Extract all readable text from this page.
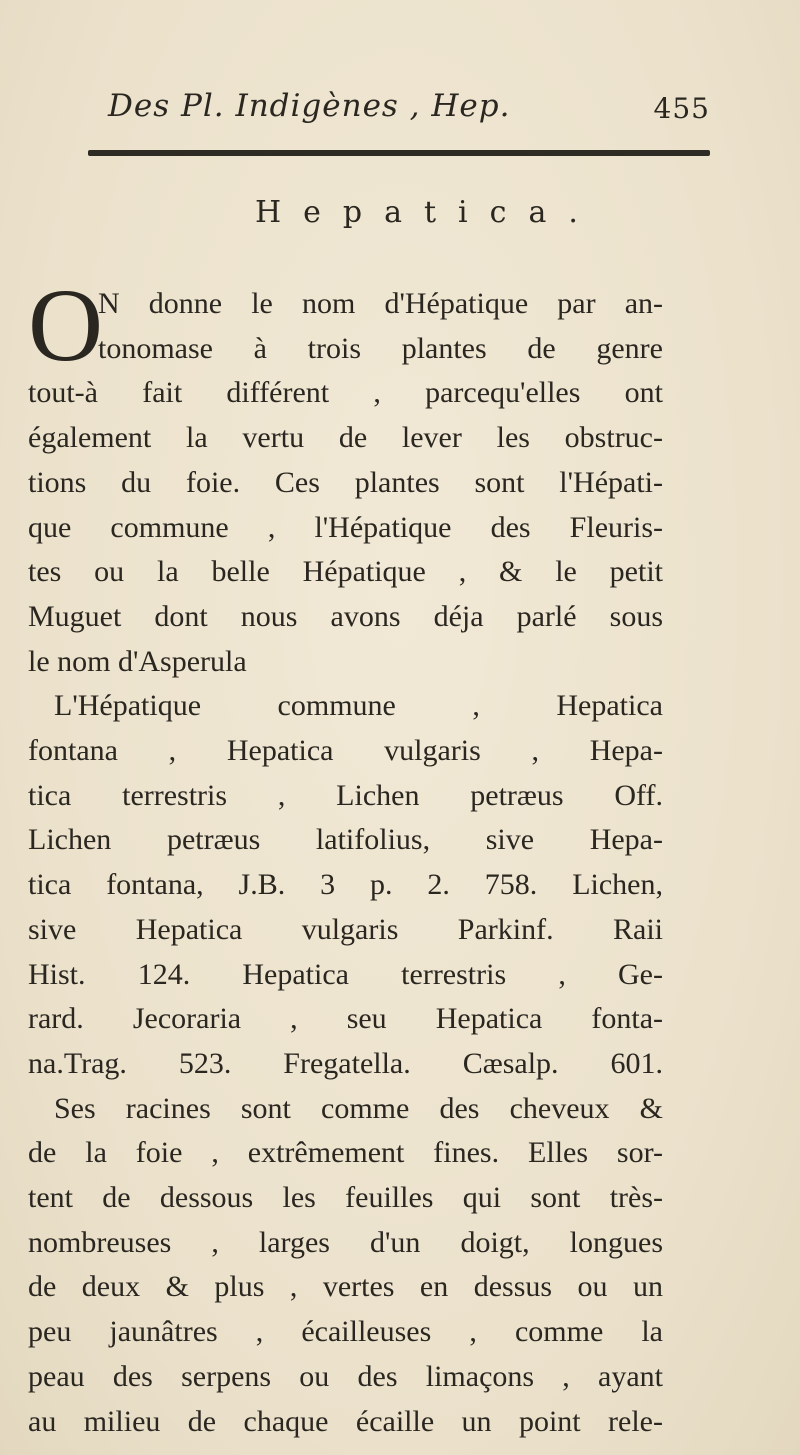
Des Pl. Indigènes , Hep.	455
Hepatica.
O
N donne le nom d'Hépatique par an-
tonomase à trois plantes de genre
tout-à fait différent , parcequ'elles ont
également la vertu de lever les obstruc-
tions du foie. Ces plantes sont l'Hépati-
que commune , l'Hépatique des Fleuris-
tes ou la belle Hépatique , & le petit
Muguet dont nous avons déja parlé sous
le nom d'Asperula
L'Hépatique commune , Hepatica
fontana , Hepatica vulgaris , Hepa-
tica terrestris , Lichen petræus Off.
Lichen petræus latifolius, sive Hepa-
tica fontana, J.B. 3 p. 2. 758. Lichen,
sive Hepatica vulgaris Parkinf. Raii
Hist. 124. Hepatica terrestris , Ge-
rard. Jecoraria , seu Hepatica fonta-
na.Trag. 523. Fregatella. Cæsalp. 601.
Ses racines sont comme des cheveux &
de la foie , extrêmement fines. Elles sor-
tent de dessous les feuilles qui sont très-
nombreuses , larges d'un doigt, longues
de deux & plus , vertes en dessus ou un
peu jaunâtres , écailleuses , comme la
peau des serpens ou des limaçons , ayant
au milieu de chaque écaille un point rele-
